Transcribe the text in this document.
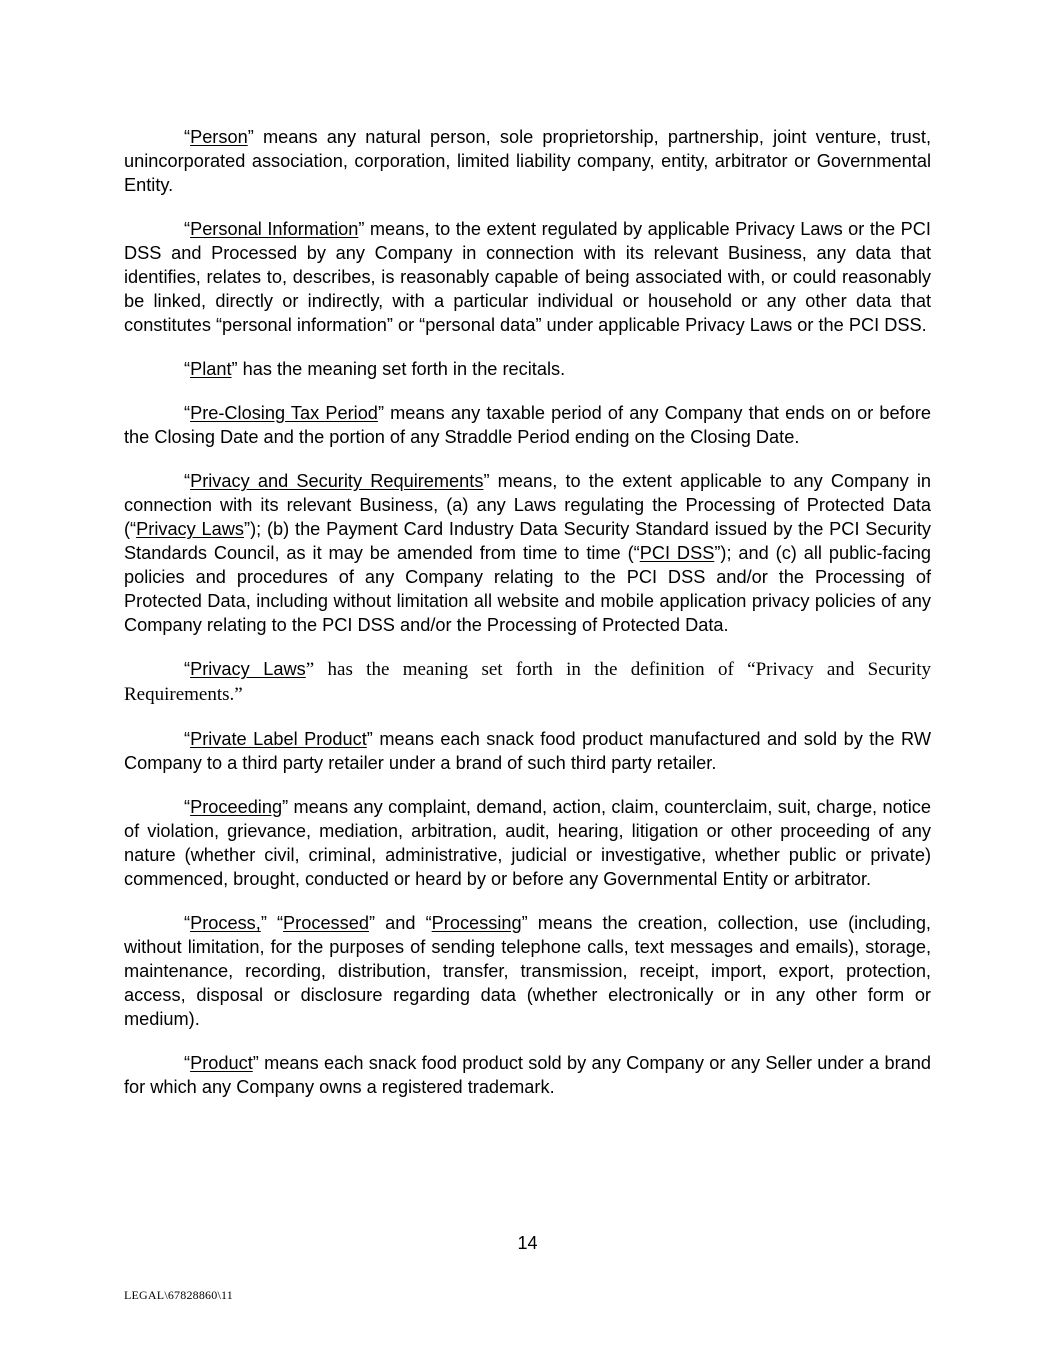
“Person” means any natural person, sole proprietorship, partnership, joint venture, trust, unincorporated association, corporation, limited liability company, entity, arbitrator or Governmental Entity.

“Personal Information” means, to the extent regulated by applicable Privacy Laws or the PCI DSS and Processed by any Company in connection with its relevant Business, any data that identifies, relates to, describes, is reasonably capable of being associated with, or could reasonably be linked, directly or indirectly, with a particular individual or household or any other data that constitutes “personal information” or “personal data” under applicable Privacy Laws or the PCI DSS.

“Plant” has the meaning set forth in the recitals.

“Pre-Closing Tax Period” means any taxable period of any Company that ends on or before the Closing Date and the portion of any Straddle Period ending on the Closing Date.

“Privacy and Security Requirements” means, to the extent applicable to any Company in connection with its relevant Business, (a) any Laws regulating the Processing of Protected Data (“Privacy Laws”); (b) the Payment Card Industry Data Security Standard issued by the PCI Security Standards Council, as it may be amended from time to time (“PCI DSS”); and (c) all public-facing policies and procedures of any Company relating to the PCI DSS and/or the Processing of Protected Data, including without limitation all website and mobile application privacy policies of any Company relating to the PCI DSS and/or the Processing of Protected Data.

“Privacy Laws” has the meaning set forth in the definition of “Privacy and Security Requirements.”

“Private Label Product” means each snack food product manufactured and sold by the RW Company to a third party retailer under a brand of such third party retailer.

“Proceeding” means any complaint, demand, action, claim, counterclaim, suit, charge, notice of violation, grievance, mediation, arbitration, audit, hearing, litigation or other proceeding of any nature (whether civil, criminal, administrative, judicial or investigative, whether public or private) commenced, brought, conducted or heard by or before any Governmental Entity or arbitrator.

“Process,” “Processed” and “Processing” means the creation, collection, use (including, without limitation, for the purposes of sending telephone calls, text messages and emails), storage, maintenance, recording, distribution, transfer, transmission, receipt, import, export, protection, access, disposal or disclosure regarding data (whether electronically or in any other form or medium).

“Product” means each snack food product sold by any Company or any Seller under a brand for which any Company owns a registered trademark.

14
LEGAL\67828860\11
